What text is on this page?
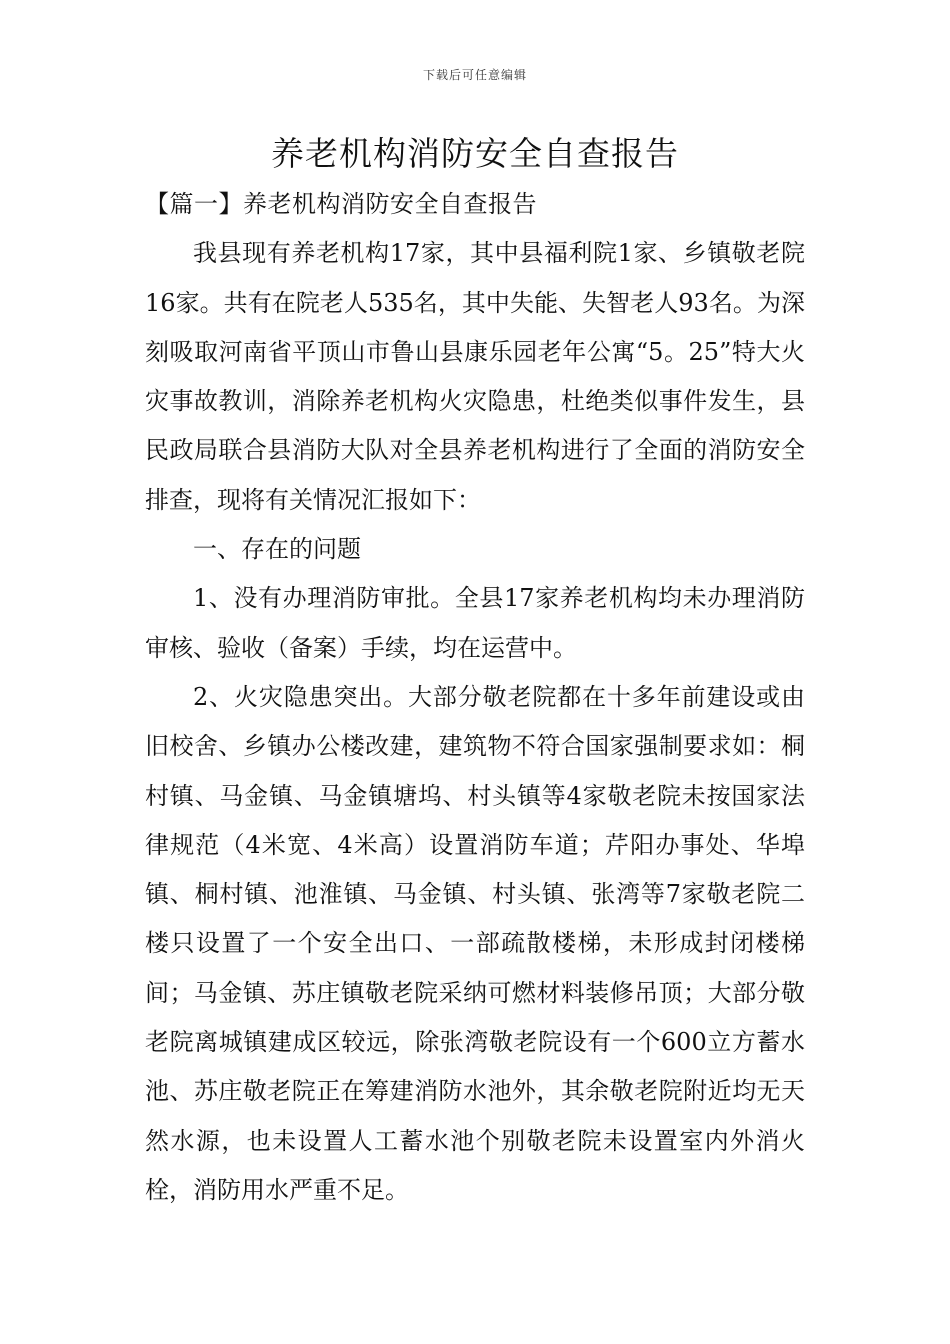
下载后可任意编辑
养老机构消防安全自查报告

【篇一】养老机构消防安全自查报告

我县现有养老机构17家，其中县福利院1家、乡镇敬老院16家。共有在院老人535名，其中失能、失智老人93名。为深刻吸取河南省平顶山市鲁山县康乐园老年公寓“5。25”特大火灾事故教训，消除养老机构火灾隐患，杜绝类似事件发生，县民政局联合县消防大队对全县养老机构进行了全面的消防安全排查，现将有关情况汇报如下：

一、存在的问题

1、没有办理消防审批。全县17家养老机构均未办理消防审核、验收（备案）手续，均在运营中。

2、火灾隐患突出。大部分敬老院都在十多年前建设或由旧校舍、乡镇办公楼改建，建筑物不符合国家强制要求如：桐村镇、马金镇、马金镇塘坞、村头镇等4家敬老院未按国家法律规范（4米宽、4米高）设置消防车道；芹阳办事处、华埠镇、桐村镇、池淮镇、马金镇、村头镇、张湾等7家敬老院二楼只设置了一个安全出口、一部疏散楼梯，未形成封闭楼梯间；马金镇、苏庄镇敬老院采纳可燃材料装修吊顶；大部分敬老院离城镇建成区较远，除张湾敬老院设有一个600立方蓄水池、苏庄敬老院正在筹建消防水池外，其余敬老院附近均无天然水源，也未设置人工蓄水池个别敬老院未设置室内外消火栓，消防用水严重不足。
